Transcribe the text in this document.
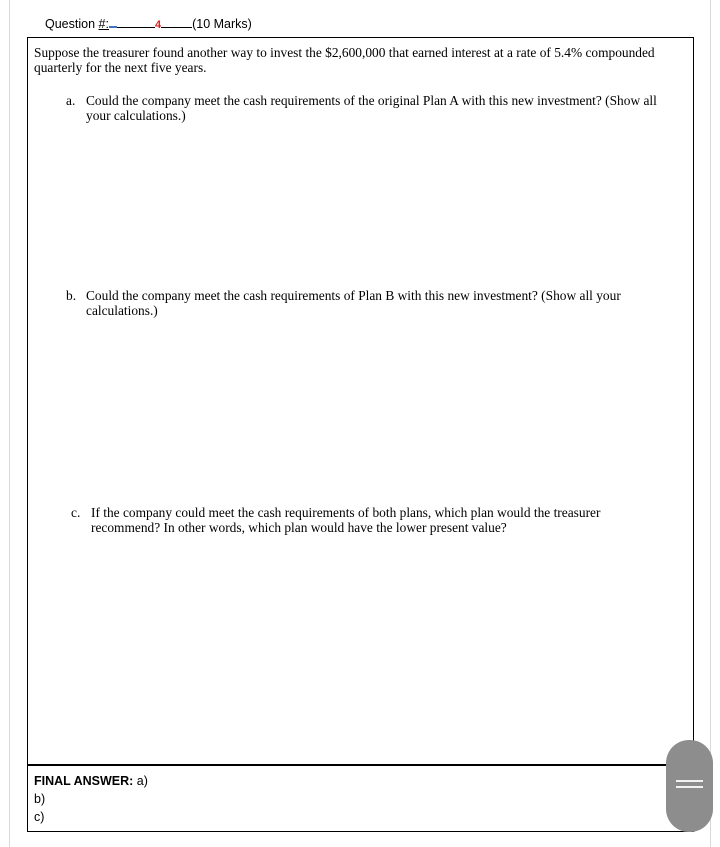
Question #:	4 (10 Marks)
Suppose the treasurer found another way to invest the $2,600,000 that earned interest at a rate of 5.4% compounded quarterly for the next five years.
a. Could the company meet the cash requirements of the original Plan A with this new investment? (Show all your calculations.)
b. Could the company meet the cash requirements of Plan B with this new investment? (Show all your calculations.)
c. If the company could meet the cash requirements of both plans, which plan would the treasurer recommend? In other words, which plan would have the lower present value?
FINAL ANSWER: a)
b)
c)
